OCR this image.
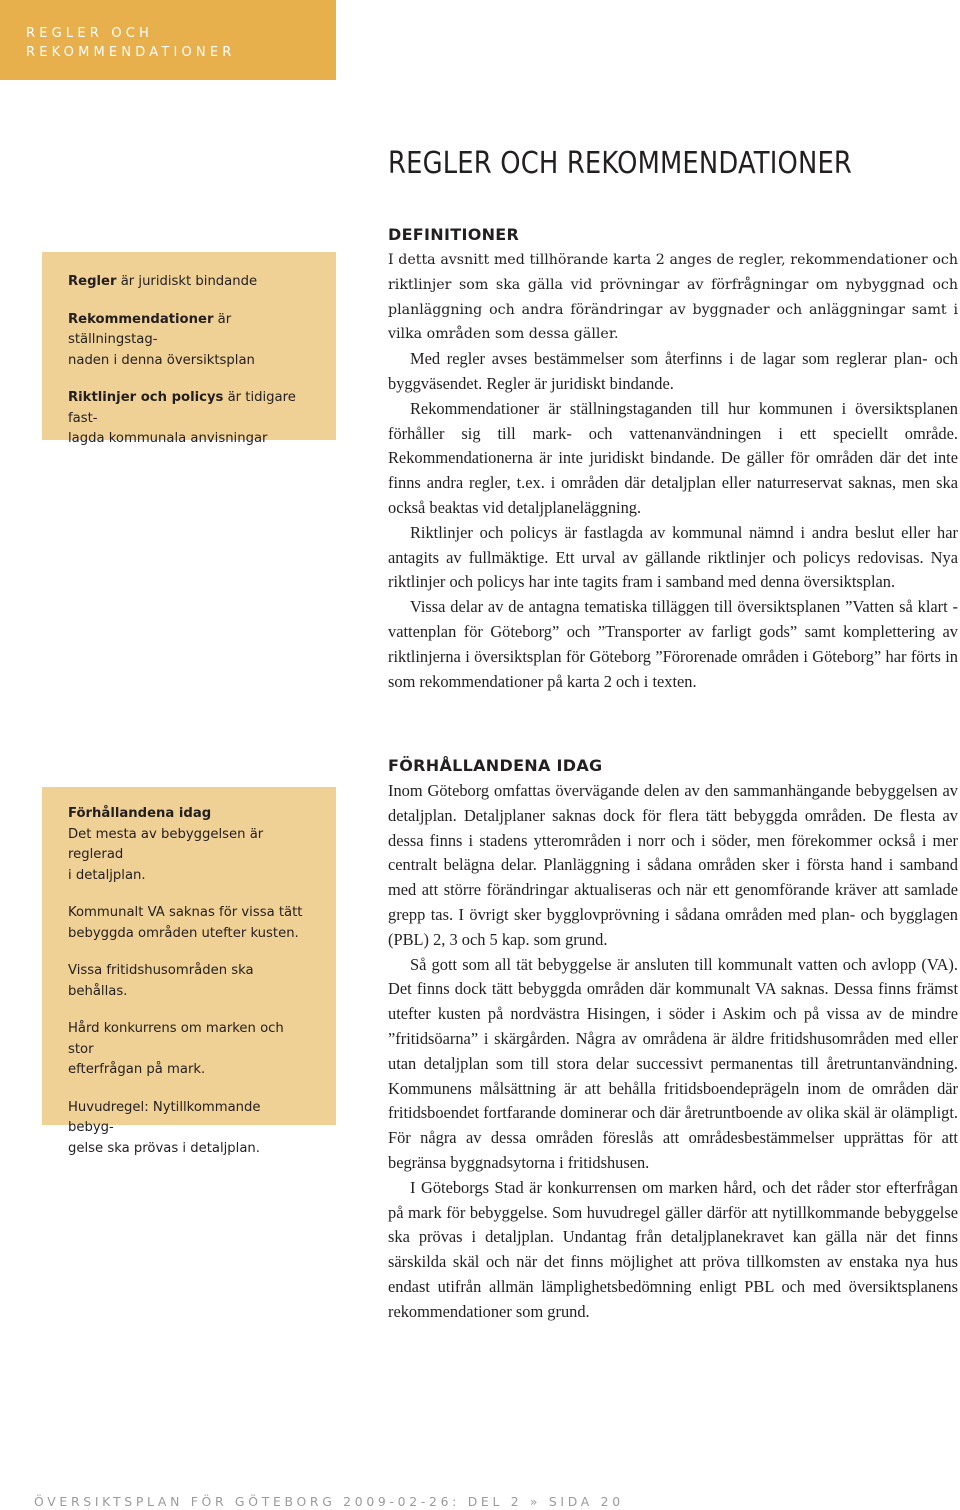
REGLER OCH
REKOMMENDATIONER
REGLER OCH REKOMMENDATIONER

Regler är juridiskt bindande

Rekommendationer är ställningstag-
naden i denna översiktsplan

Riktlinjer och policys är tidigare fast-
lagda kommunala anvisningar

Förhållandena idag

Det mesta av bebyggelsen är reglerad
i detaljplan.

Kommunalt VA saknas för vissa tätt
bebyggda områden utefter kusten.

Vissa fritidshusområden ska behållas.

Hård konkurrens om marken och stor
efterfrågan på mark.

Huvudregel: Nytillkommande bebyg-
gelse ska prövas i detaljplan.

DEFINITIONER

I detta avsnitt med tillhörande karta 2 anges de regler, rekommendationer och riktlinjer som ska gälla vid prövningar av förfrågningar om nybyggnad och planläggning och andra förändringar av byggnader och anläggningar samt i vilka områden som dessa gäller.

Med regler avses bestämmelser som återfinns i de lagar som reglerar plan- och byggväsendet. Regler är juridiskt bindande.

Rekommendationer är ställningstaganden till hur kommunen i översiktsplanen förhåller sig till mark- och vattenanvändningen i ett speciellt område. Rekommendationerna är inte juridiskt bindande. De gäller för områden där det inte finns andra regler, t.ex. i områden där detaljplan eller naturreservat saknas, men ska också beaktas vid detaljplaneläggning.

Riktlinjer och policys är fastlagda av kommunal nämnd i andra beslut eller har antagits av fullmäktige. Ett urval av gällande riktlinjer och policys redovisas. Nya riktlinjer och policys har inte tagits fram i samband med denna översiktsplan.

Vissa delar av de antagna tematiska tilläggen till översiktsplanen ”Vatten så klart - vattenplan för Göteborg” och ”Transporter av farligt gods” samt komplettering av riktlinjerna i översiktsplan för Göteborg ”Förorenade områden i Göteborg” har förts in som rekommendationer på karta 2 och i texten.

FÖRHÅLLANDENA IDAG

Inom Göteborg omfattas övervägande delen av den sammanhängande bebyggelsen av detaljplan. Detaljplaner saknas dock för flera tätt bebyggda områden. De flesta av dessa finns i stadens ytterområden i norr och i söder, men förekommer också i mer centralt belägna delar. Planläggning i sådana områden sker i första hand i samband med att större förändringar aktualiseras och när ett genomförande kräver att samlade grepp tas. I övrigt sker bygglovprövning i sådana områden med plan- och bygglagen (PBL) 2, 3 och 5 kap. som grund.

Så gott som all tät bebyggelse är ansluten till kommunalt vatten och avlopp (VA). Det finns dock tätt bebyggda områden där kommunalt VA saknas. Dessa finns främst utefter kusten på nordvästra Hisingen, i söder i Askim och på vissa av de mindre ”fritidsöarna” i skärgården. Några av områdena är äldre fritidshusområden med eller utan detaljplan som till stora delar successivt permanentas till åretruntanvändning. Kommunens målsättning är att behålla fritidsboendeprägeln inom de områden där fritidsboendet fortfarande dominerar och där åretruntboende av olika skäl är olämpligt. För några av dessa områden föreslås att områdesbestämmelser upprättas för att begränsa byggnadsytorna i fritidshusen.

I Göteborgs Stad är konkurrensen om marken hård, och det råder stor efterfrågan på mark för bebyggelse. Som huvudregel gäller därför att nytillkommande bebyggelse ska prövas i detaljplan. Undantag från detaljplanekravet kan gälla när det finns särskilda skäl och när det finns möjlighet att pröva tillkomsten av enstaka nya hus endast utifrån allmän lämplighetsbedömning enligt PBL och med översiktsplanens rekommendationer som grund.

ÖVERSIKTSPLAN FÖR GÖTEBORG 2009-02-26: DEL 2 » SIDA 20
